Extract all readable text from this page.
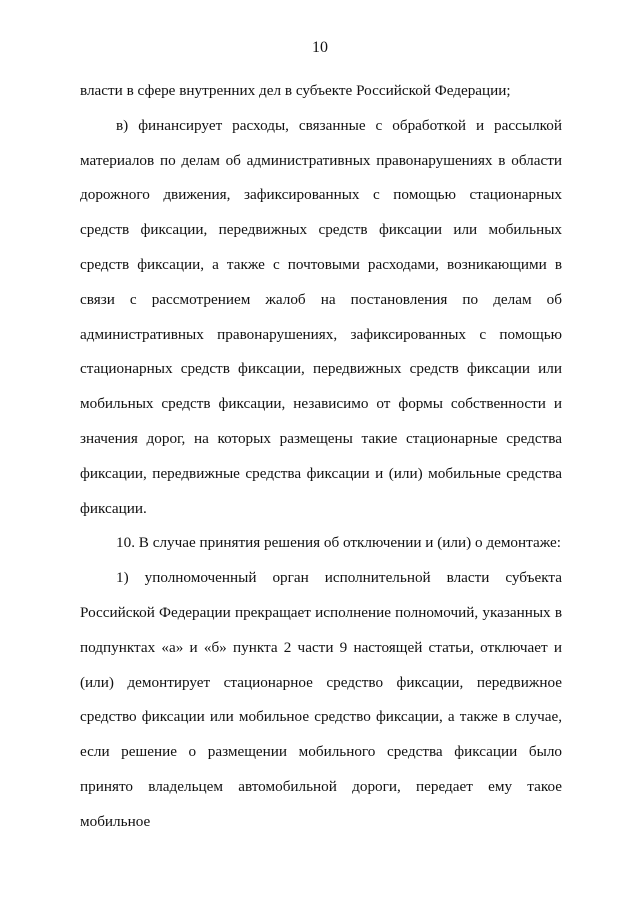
10

власти в сфере внутренних дел в субъекте Российской Федерации;

в) финансирует расходы, связанные с обработкой и рассылкой материалов по делам об административных правонарушениях в области дорожного движения, зафиксированных с помощью стационарных средств фиксации, передвижных средств фиксации или мобильных средств фиксации, а также с почтовыми расходами, возникающими в связи с рассмотрением жалоб на постановления по делам об административных правонарушениях, зафиксированных с помощью стационарных средств фиксации, передвижных средств фиксации или мобильных средств фиксации, независимо от формы собственности и значения дорог, на которых размещены такие стационарные средства фиксации, передвижные средства фиксации и (или) мобильные средства фиксации.

10. В случае принятия решения об отключении и (или) о демонтаже:

1) уполномоченный орган исполнительной власти субъекта Российской Федерации прекращает исполнение полномочий, указанных в подпунктах «а» и «б» пункта 2 части 9 настоящей статьи, отключает и (или) демонтирует стационарное средство фиксации, передвижное средство фиксации или мобильное средство фиксации, а также в случае, если решение о размещении мобильного средства фиксации было принято владельцем автомобильной дороги, передает ему такое мобильное
